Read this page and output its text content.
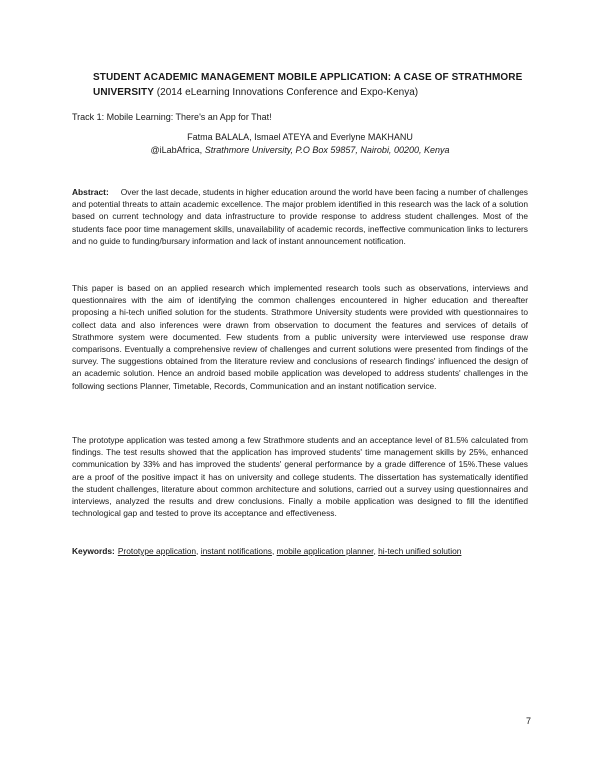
STUDENT ACADEMIC MANAGEMENT MOBILE APPLICATION: A CASE OF STRATHMORE UNIVERSITY (2014 eLearning Innovations Conference and Expo-Kenya)
Track 1: Mobile Learning: There's an App for That!
Fatma BALALA, Ismael ATEYA and Everlyne MAKHANU
@iLabAfrica, Strathmore University, P.O Box 59857, Nairobi, 00200, Kenya
Abstract: Over the last decade, students in higher education around the world have been facing a number of challenges and potential threats to attain academic excellence. The major problem identified in this research was the lack of a solution based on current technology and data infrastructure to provide response to address student challenges. Most of the students face poor time management skills, unavailability of academic records, ineffective communication links to lecturers and no guide to funding/bursary information and lack of instant announcement notification.
This paper is based on an applied research which implemented research tools such as observations, interviews and questionnaires with the aim of identifying the common challenges encountered in higher education and thereafter proposing a hi-tech unified solution for the students. Strathmore University students were provided with questionnaires to collect data and also inferences were drawn from observation to document the features and services of details of Strathmore system were documented. Few students from a public university were interviewed use response draw comparisons. Eventually a comprehensive review of challenges and current solutions were presented from findings of the survey. The suggestions obtained from the literature review and conclusions of research findings' influenced the design of an academic solution. Hence an android based mobile application was developed to address students' challenges in the following sections Planner, Timetable, Records, Communication and an instant notification service.
The prototype application was tested among a few Strathmore students and an acceptance level of 81.5% calculated from findings. The test results showed that the application has improved students' time management skills by 25%, enhanced communication by 33% and has improved the students' general performance by a grade difference of 15%.These values are a proof of the positive impact it has on university and college students. The dissertation has systematically identified the student challenges, literature about common architecture and solutions, carried out a survey using questionnaires and interviews, analyzed the results and drew conclusions. Finally a mobile application was designed to fill the identified technological gap and tested to prove its acceptance and effectiveness.
Keywords: Prototype application, instant notifications, mobile application planner, hi-tech unified solution
7
